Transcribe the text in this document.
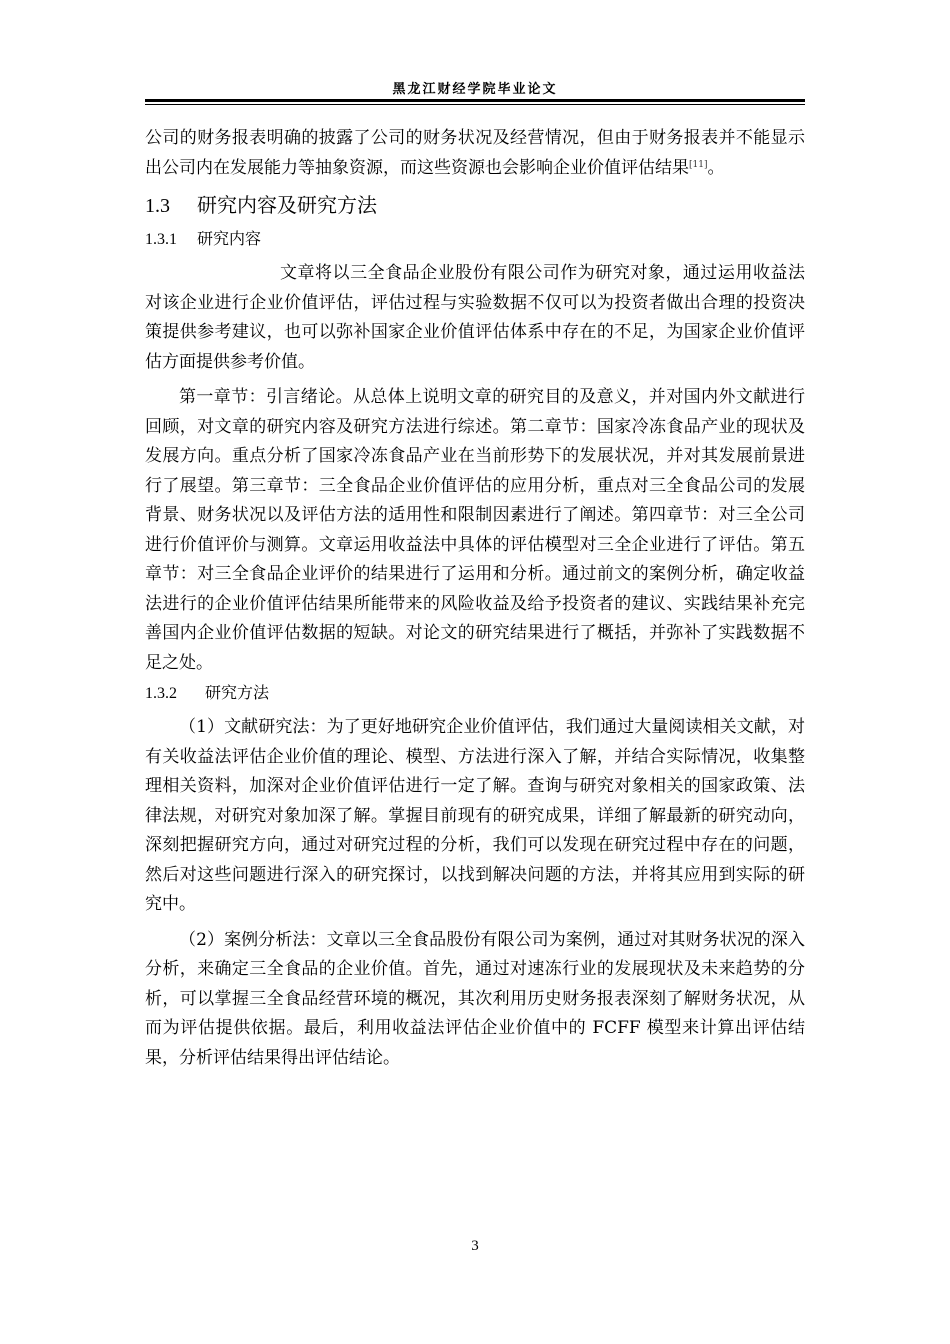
黑龙江财经学院毕业论文

公司的财务报表明确的披露了公司的财务状况及经营情况，但由于财务报表并不能显示出公司内在发展能力等抽象资源，而这些资源也会影响企业价值评估结果[11]。

1.3 研究内容及研究方法
1.3.1 研究内容

文章将以三全食品企业股份有限公司作为研究对象，通过运用收益法对该企业进行企业价值评估，评估过程与实验数据不仅可以为投资者做出合理的投资决策提供参考建议，也可以弥补国家企业价值评估体系中存在的不足，为国家企业价值评估方面提供参考价值。

第一章节：引言绪论。从总体上说明文章的研究目的及意义，并对国内外文献进行回顾，对文章的研究内容及研究方法进行综述。第二章节：国家冷冻食品产业的现状及发展方向。重点分析了国家冷冻食品产业在当前形势下的发展状况，并对其发展前景进行了展望。第三章节：三全食品企业价值评估的应用分析，重点对三全食品公司的发展背景、财务状况以及评估方法的适用性和限制因素进行了阐述。第四章节：对三全公司进行价值评价与测算。文章运用收益法中具体的评估模型对三全企业进行了评估。第五章节：对三全食品企业评价的结果进行了运用和分析。通过前文的案例分析，确定收益法进行的企业价值评估结果所能带来的风险收益及给予投资者的建议、实践结果补充完善国内企业价值评估数据的短缺。对论文的研究结果进行了概括，并弥补了实践数据不足之处。

1.3.2 研究方法

（1）文献研究法：为了更好地研究企业价值评估，我们通过大量阅读相关文献，对有关收益法评估企业价值的理论、模型、方法进行深入了解，并结合实际情况，收集整理相关资料，加深对企业价值评估进行一定了解。查询与研究对象相关的国家政策、法律法规，对研究对象加深了解。掌握目前现有的研究成果，详细了解最新的研究动向，深刻把握研究方向，通过对研究过程的分析，我们可以发现在研究过程中存在的问题，然后对这些问题进行深入的研究探讨，以找到解决问题的方法，并将其应用到实际的研究中。

（2）案例分析法：文章以三全食品股份有限公司为案例，通过对其财务状况的深入分析，来确定三全食品的企业价值。首先，通过对速冻行业的发展现状及未来趋势的分析，可以掌握三全食品经营环境的概况，其次利用历史财务报表深刻了解财务状况，从而为评估提供依据。最后，利用收益法评估企业价值中的 FCFF 模型来计算出评估结果，分析评估结果得出评估结论。

3
